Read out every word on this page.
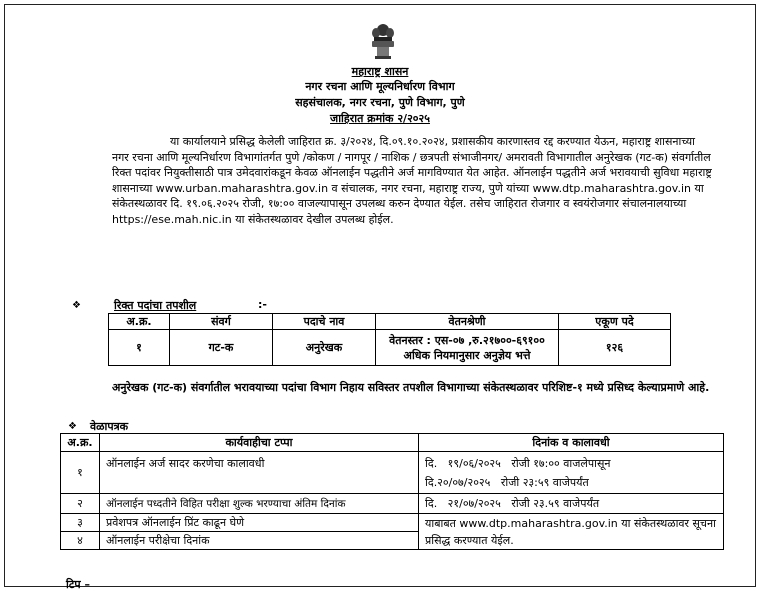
महाराष्ट्र शासन
नगर रचना आणि मूल्यनिर्धारण विभाग
सहसंचालक, नगर रचना, पुणे विभाग, पुणे
जाहिरात क्रमांक २/२०२५
या कार्यालयाने प्रसिद्ध केलेली जाहिरात क्र. ३/२०२४, दि.०९.१०.२०२४, प्रशासकीय कारणास्तव रद्द करण्यात येऊन, महाराष्ट्र शासनाच्या नगर रचना आणि मूल्यनिर्धारण विभागांतर्गत पुणे /कोकण / नागपूर / नाशिक / छत्रपती संभाजीनगर/ अमरावती विभागातील अनुरेखक (गट-क) संवर्गातील रिक्त पदांवर नियुक्तीसाठी पात्र उमेदवारांकडून केवळ ऑनलाईन पद्धतीने अर्ज मागविण्यात येत आहेत. ऑनलाईन पद्धतीने अर्ज भरावयाची सुविधा महाराष्ट्र शासनाच्या www.urban.maharashtra.gov.in व संचालक, नगर रचना, महाराष्ट्र राज्य, पुणे यांच्या www.dtp.maharashtra.gov.in या संकेतस्थळावर दि. १९.०६.२०२५ रोजी, १७:०० वाजल्यापासून उपलब्ध करुन देण्यात येईल. तसेच जाहिरात रोजगार व स्वयंरोजगार संचालनालयाच्या https://ese.mah.nic.in या संकेतस्थळावर देखील उपलब्ध होईल.
❖	रिक्त पदांचा तपशील	:-
अ.क्र.	संवर्ग	पदाचे नाव	वेतनश्रेणी	एकूण पदे
१	गट-क	अनुरेखक	वेतनस्तर : एस-०७ ,रु.२१७००-६९१००
अधिक नियमानुसार अनुज्ञेय भत्ते	१२६
अनुरेखक (गट-क) संवर्गातील भरावयाच्या पदांचा विभाग निहाय सविस्तर तपशील विभागाच्या संकेतस्थळावर परिशिष्ट-१ मध्ये प्रसिध्द केल्याप्रमाणे आहे.
❖ वेळापत्रक
अ.क्र.	कार्यवाहीचा टप्पा	दिनांक व कालावधी
१	ऑनलाईन अर्ज सादर करणेचा कालावधी	दि.   १९/०६/२०२५   रोजी १७:०० वाजलेपासून
दि.२०/०७/२०२५   रोजी २३:५९ वाजेपर्यंत

२	ऑनलाईन पध्दतीने विहित परीक्षा शुल्क भरण्याचा अंतिम दिनांक	दि.   २१/०७/२०२५   रोजी २३.५९ वाजेपर्यंत
३	प्रवेशपत्र ऑनलाईन प्रिंट काढून घेणे	याबाबत www.dtp.maharashtra.gov.in या संकेतस्थळावर सूचना प्रसिद्ध करण्यात येईल.
४	ऑनलाईन परीक्षेचा दिनांक	
टिप –
